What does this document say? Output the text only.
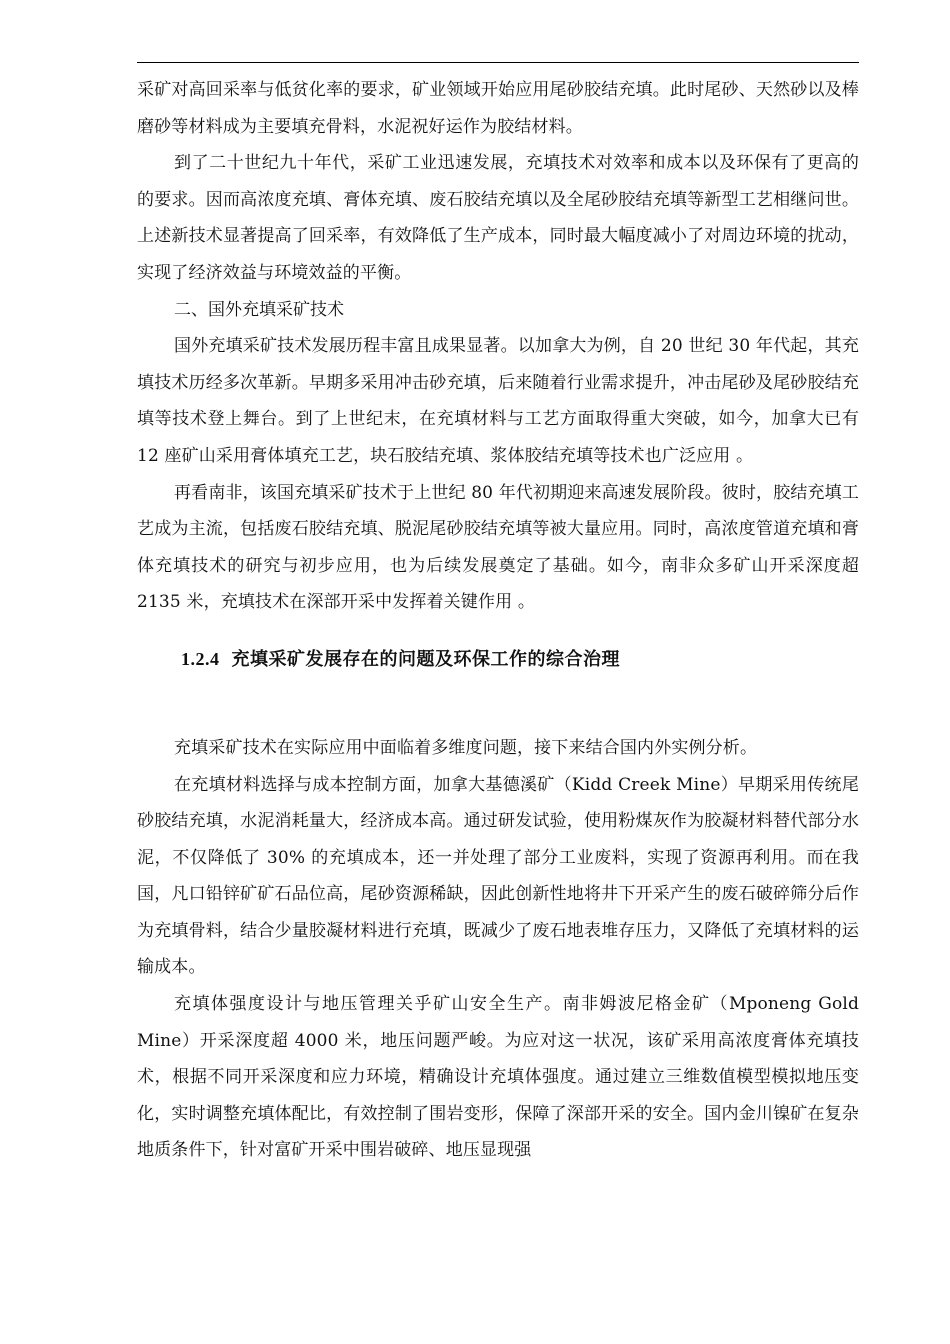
采矿对高回采率与低贫化率的要求，矿业领域开始应用尾砂胶结充填。此时尾砂、天然砂以及棒磨砂等材料成为主要填充骨料，水泥祝好运作为胶结材料。

到了二十世纪九十年代，采矿工业迅速发展，充填技术对效率和成本以及环保有了更高的的要求。因而高浓度充填、膏体充填、废石胶结充填以及全尾砂胶结充填等新型工艺相继问世。上述新技术显著提高了回采率，有效降低了生产成本，同时最大幅度减小了对周边环境的扰动，实现了经济效益与环境效益的平衡。

二、国外充填采矿技术

国外充填采矿技术发展历程丰富且成果显著。以加拿大为例，自 20 世纪 30 年代起，其充填技术历经多次革新。早期多采用冲击砂充填，后来随着行业需求提升，冲击尾砂及尾砂胶结充填等技术登上舞台。到了上世纪末，在充填材料与工艺方面取得重大突破，如今，加拿大已有 12 座矿山采用膏体填充工艺，块石胶结充填、浆体胶结充填等技术也广泛应用 。

再看南非，该国充填采矿技术于上世纪 80 年代初期迎来高速发展阶段。彼时，胶结充填工艺成为主流，包括废石胶结充填、脱泥尾砂胶结充填等被大量应用。同时，高浓度管道充填和膏体充填技术的研究与初步应用，也为后续发展奠定了基础。如今，南非众多矿山开采深度超 2135 米，充填技术在深部开采中发挥着关键作用 。

1.2.4 充填采矿发展存在的问题及环保工作的综合治理

充填采矿技术在实际应用中面临着多维度问题，接下来结合国内外实例分析。

在充填材料选择与成本控制方面，加拿大基德溪矿（Kidd Creek Mine）早期采用传统尾砂胶结充填，水泥消耗量大，经济成本高。通过研发试验，使用粉煤灰作为胶凝材料替代部分水泥，不仅降低了 30% 的充填成本，还一并处理了部分工业废料，实现了资源再利用。而在我国，凡口铅锌矿矿石品位高，尾砂资源稀缺，因此创新性地将井下开采产生的废石破碎筛分后作为充填骨料，结合少量胶凝材料进行充填，既减少了废石地表堆存压力，又降低了充填材料的运输成本。

充填体强度设计与地压管理关乎矿山安全生产。南非姆波尼格金矿（Mponeng Gold Mine）开采深度超 4000 米，地压问题严峻。为应对这一状况，该矿采用高浓度膏体充填技术，根据不同开采深度和应力环境，精确设计充填体强度。通过建立三维数值模型模拟地压变化，实时调整充填体配比，有效控制了围岩变形，保障了深部开采的安全。国内金川镍矿在复杂地质条件下，针对富矿开采中围岩破碎、地压显现强
